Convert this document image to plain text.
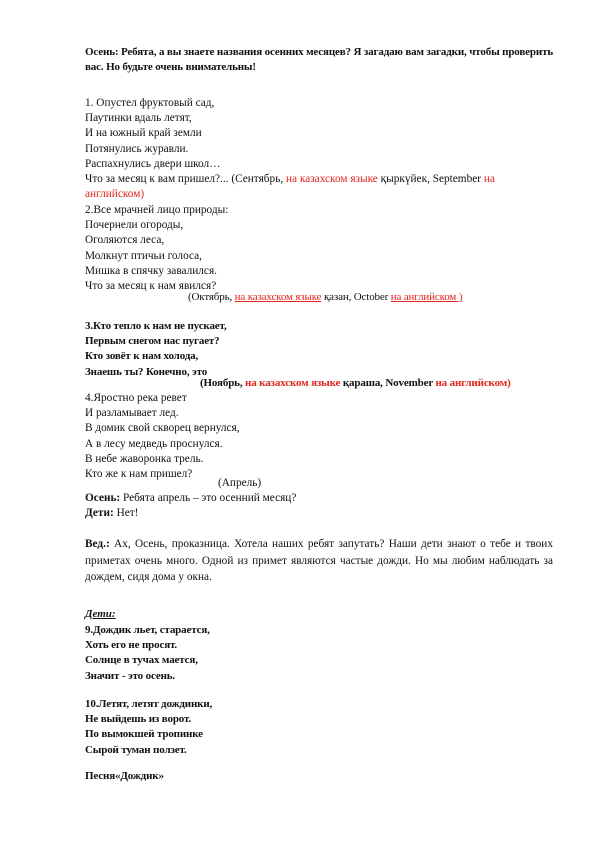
Осень: Ребята, а вы знаете названия осенних месяцев? Я загадаю вам загадки, чтобы проверить вас. Но будьте очень внимательны!
1. Опустел фруктовый сад,
Паутинки вдаль летят,
И на южный край земли
Потянулись журавли.
Распахнулись двери школ…
Что за месяц к вам пришел?... (Сентябрь, на казахском языке қыркүйек, September на
английском)
2.Все мрачней лицо природы:
Почернели огороды,
Оголяются леса,
Молкнут птичьи голоса,
Мишка в спячку завалился.
Что за месяц к нам явился?
(Октябрь, на казахском языке қазан, October на английском )
3.Кто тепло к нам не пускает,
Первым снегом нас пугает?
Кто зовёт к нам холода,
Знаешь ты? Конечно, это
(Ноябрь, на казахском языке қараша, November на английском)
4.Яростно река ревет
И разламывает лед.
В домик свой скворец вернулся,
А в лесу медведь проснулся.
В небе жаворонка трель.
Кто же к нам пришел?
(Апрель)
Осень: Ребята апрель – это осенний месяц?
Дети: Нет!
Вед.: Ах, Осень, проказница. Хотела наших ребят запутать? Наши дети знают о тебе и твоих приметах очень много. Одной из примет являются частые дожди. Но мы любим наблюдать за дождем, сидя дома у окна.
Дети:
9.Дождик льет, старается,
Хоть его не просят.
Солнце в тучах мается,
Значит - это осень.
10.Летят, летят дождинки,
Не выйдешь из ворот.
По вымокшей тропинке
Сырой туман ползет.
Песня«Дождик»
